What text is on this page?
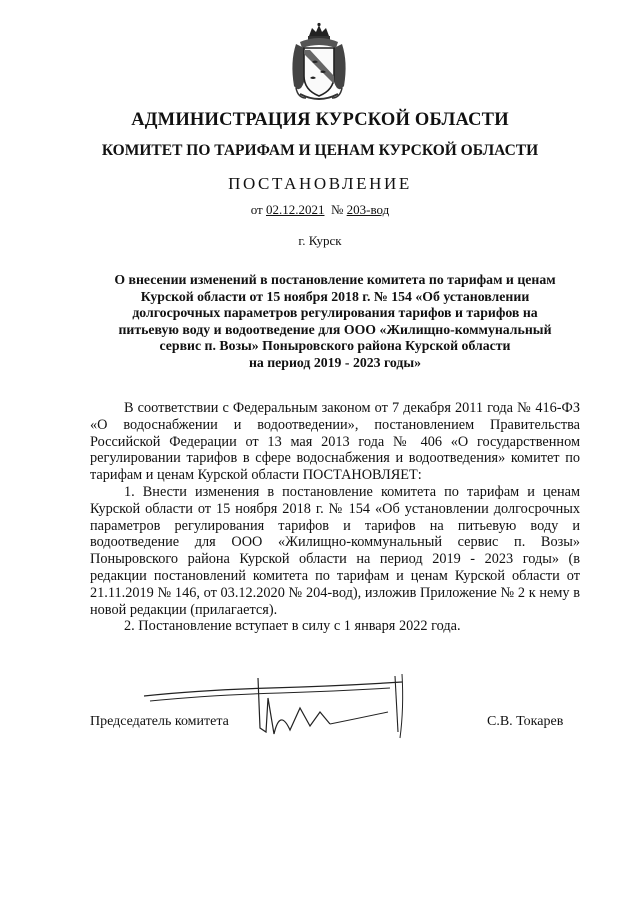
АДМИНИСТРАЦИЯ КУРСКОЙ ОБЛАСТИ
КОМИТЕТ ПО ТАРИФАМ И ЦЕНАМ КУРСКОЙ ОБЛАСТИ
ПОСТАНОВЛЕНИЕ
от 02.12.2021 № 203-вод
г. Курск
О внесении изменений в постановление комитета по тарифам и ценам
Курской области от 15 ноября 2018 г. № 154 «Об установлении
долгосрочных параметров регулирования тарифов и тарифов на
питьевую воду и водоотведение для ООО «Жилищно-коммунальный
сервис п. Возы» Поныровского района Курской области
на период 2019 - 2023 годы»
В соответствии с Федеральным законом от 7 декабря 2011 года № 416-ФЗ «О водоснабжении и водоотведении», постановлением Правительства Российской Федерации от 13 мая 2013 года № 406 «О государственном регулировании тарифов в сфере водоснабжения и водоотведения» комитет по тарифам и ценам Курской области ПОСТАНОВЛЯЕТ:
1. Внести изменения в постановление комитета по тарифам и ценам Курской области от 15 ноября 2018 г. № 154 «Об установлении долгосрочных параметров регулирования тарифов и тарифов на питьевую воду и водоотведение для ООО «Жилищно-коммунальный сервис п. Возы» Поныровского района Курской области на период 2019 - 2023 годы» (в редакции постановлений комитета по тарифам и ценам Курской области от 21.11.2019 № 146, от 03.12.2020 № 204-вод), изложив Приложение № 2 к нему в новой редакции (прилагается).
2. Постановление вступает в силу с 1 января 2022 года.
Председатель комитета	С.В. Токарев
